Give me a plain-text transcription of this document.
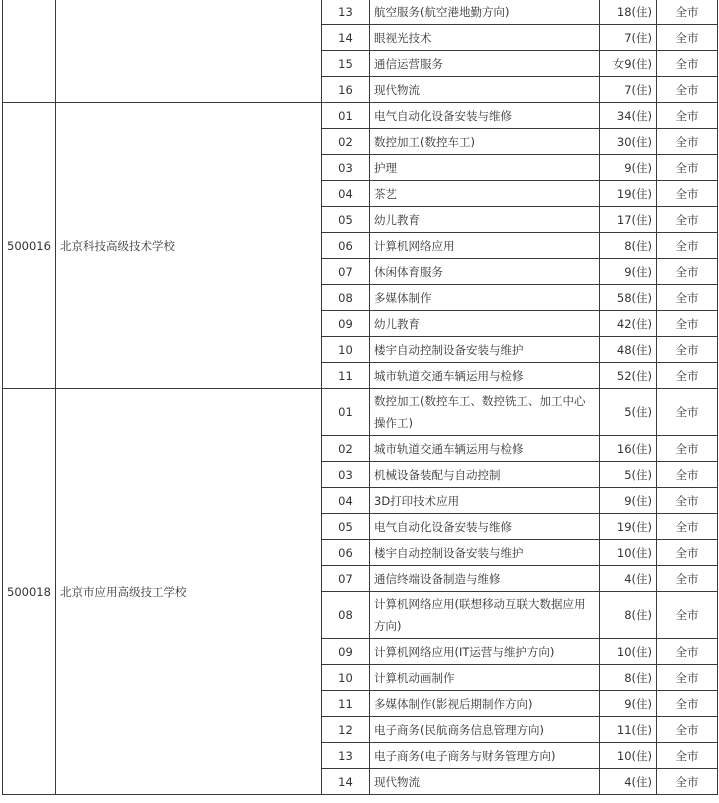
		13	航空服务(航空港地勤方向)	18(住)	全市
		14	眼视光技术	7(住)	全市
		15	通信运营服务	女9(住)	全市
		16	现代物流	7(住)	全市
500016	北京科技高级技术学校	01	电气自动化设备安装与维修	34(住)	全市
		02	数控加工(数控车工)	30(住)	全市
		03	护理	9(住)	全市
		04	茶艺	19(住)	全市
		05	幼儿教育	17(住)	全市
		06	计算机网络应用	8(住)	全市
		07	休闲体育服务	9(住)	全市
		08	多媒体制作	58(住)	全市
		09	幼儿教育	42(住)	全市
		10	楼宇自动控制设备安装与维护	48(住)	全市
		11	城市轨道交通车辆运用与检修	52(住)	全市
500018	北京市应用高级技工学校	01	数控加工(数控车工、数控铣工、加工中心操作工)	5(住)	全市
		02	城市轨道交通车辆运用与检修	16(住)	全市
		03	机械设备装配与自动控制	5(住)	全市
		04	3D打印技术应用	9(住)	全市
		05	电气自动化设备安装与维修	19(住)	全市
		06	楼宇自动控制设备安装与维护	10(住)	全市
		07	通信终端设备制造与维修	4(住)	全市
		08	计算机网络应用(联想移动互联大数据应用方向)	8(住)	全市
		09	计算机网络应用(IT运营与维护方向)	10(住)	全市
		10	计算机动画制作	8(住)	全市
		11	多媒体制作(影视后期制作方向)	9(住)	全市
		12	电子商务(民航商务信息管理方向)	11(住)	全市
		13	电子商务(电子商务与财务管理方向)	10(住)	全市
		14	现代物流	4(住)	全市
